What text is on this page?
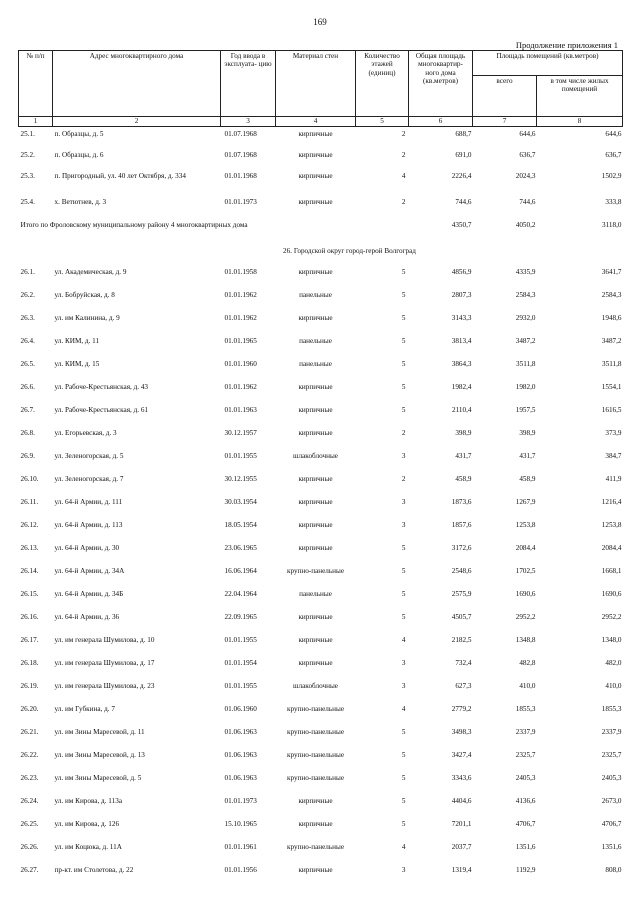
169
Продолжение приложения 1
№ п/п	Адрес многоквартирного дома	Год ввода в эксплуата- цию	Материал стен	Количество этажей (единиц)	Общая площадь многоквартир- ного дома (кв.метров)	Площадь помещений (кв.метров)	
						всего	в том числе жилых помещений
1	2	3	4	5	6	7	8
25.1.	п. Образцы, д. 5	01.07.1968	кирпичные	2	688,7	644,6	644,6
25.2.	п. Образцы, д. 6	01.07.1968	кирпичные	2	691,0	636,7	636,7
25.3.	п. Пригородный, ул. 40 лет Октября, д. 334	01.01.1968	кирпичные	4	2226,4	2024,3	1502,9
25.4.	х. Ветютнев, д. 3	01.01.1973	кирпичные	2	744,6	744,6	333,8
Итого по Фроловскому муниципальному району 4 многоквартирных дома					4350,7	4050,2	3118,0
26. Городской округ город-герой Волгоград							
26.1.	ул. Академическая, д. 9	01.01.1958	кирпичные	5	4856,9	4335,9	3641,7
26.2.	ул. Бобруйская, д. 8	01.01.1962	панельные	5	2807,3	2584,3	2584,3
26.3.	ул. им Калинина, д. 9	01.01.1962	кирпичные	5	3143,3	2932,0	1948,6
26.4.	ул. КИМ, д. 11	01.01.1965	панельные	5	3813,4	3487,2	3487,2
26.5.	ул. КИМ, д. 15	01.01.1960	панельные	5	3864,3	3511,8	3511,8
26.6.	ул. Рабоче-Крестьянская, д. 43	01.01.1962	кирпичные	5	1982,4	1982,0	1554,1
26.7.	ул. Рабоче-Крестьянская, д. 61	01.01.1963	кирпичные	5	2110,4	1957,5	1616,5
26.8.	ул. Егорьевская, д. 3	30.12.1957	кирпичные	2	398,9	398,9	373,9
26.9.	ул. Зеленогорская, д. 5	01.01.1955	шлакоблочные	3	431,7	431,7	384,7
26.10.	ул. Зеленогорская, д. 7	30.12.1955	кирпичные	2	458,9	458,9	411,9
26.11.	ул. 64-й Армии, д. 111	30.03.1954	кирпичные	3	1873,6	1267,9	1216,4
26.12.	ул. 64-й Армии, д. 113	18.05.1954	кирпичные	3	1857,6	1253,8	1253,8
26.13.	ул. 64-й Армии, д. 30	23.06.1965	кирпичные	5	3172,6	2084,4	2084,4
26.14.	ул. 64-й Армии, д. 34А	16.06.1964	крупно-панельные	5	2548,6	1702,5	1668,1
26.15.	ул. 64-й Армии, д. 34Б	22.04.1964	панельные	5	2575,9	1690,6	1690,6
26.16.	ул. 64-й Армии, д. 36	22.09.1965	кирпичные	5	4505,7	2952,2	2952,2
26.17.	ул. им генерала Шумилова, д. 10	01.01.1955	кирпичные	4	2182,5	1348,8	1348,0
26.18.	ул. им генерала Шумилова, д. 17	01.01.1954	кирпичные	3	732,4	482,8	482,0
26.19.	ул. им генерала Шумилова, д. 23	01.01.1955	шлакоблочные	3	627,3	410,0	410,0
26.20.	ул. им Губкина, д. 7	01.06.1960	крупно-панельные	4	2779,2	1855,3	1855,3
26.21.	ул. им Зины Маресевой, д. 11	01.06.1963	крупно-панельные	5	3498,3	2337,9	2337,9
26.22.	ул. им Зины Маресевой, д. 13	01.06.1963	крупно-панельные	5	3427,4	2325,7	2325,7
26.23.	ул. им Зины Маресевой, д. 5	01.06.1963	крупно-панельные	5	3343,6	2405,3	2405,3
26.24.	ул. им Кирова, д. 113а	01.01.1973	кирпичные	5	4404,6	4136,6	2673,0
26.25.	ул. им Кирова, д. 126	15.10.1965	кирпичные	5	7201,1	4706,7	4706,7
26.26.	ул. им Коцюка, д. 11А	01.01.1961	крупно-панельные	4	2037,7	1351,6	1351,6
26.27.	пр-кт. им Столетова, д. 22	01.01.1956	кирпичные	3	1319,4	1192,9	808,0
